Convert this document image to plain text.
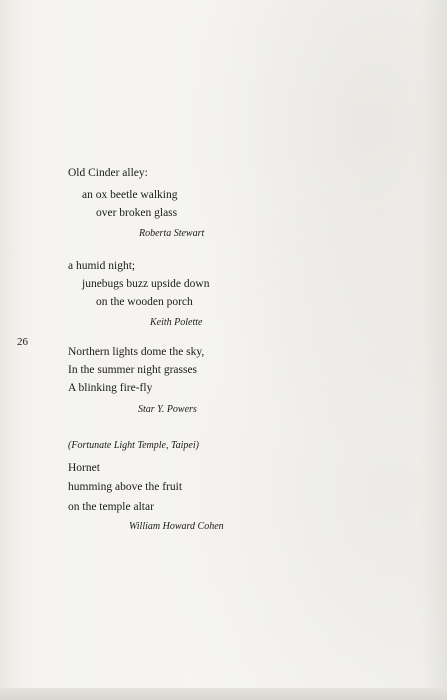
Old Cinder alley:
an ox beetle walking
over broken glass
Roberta Stewart
a humid night;
junebugs buzz upside down
on the wooden porch
Keith Polette
26
Northern lights dome the sky,
In the summer night grasses
A blinking fire-fly
Star Y. Powers
(Fortunate Light Temple, Taipei)
Hornet
humming above the fruit
on the temple altar
William Howard Cohen
